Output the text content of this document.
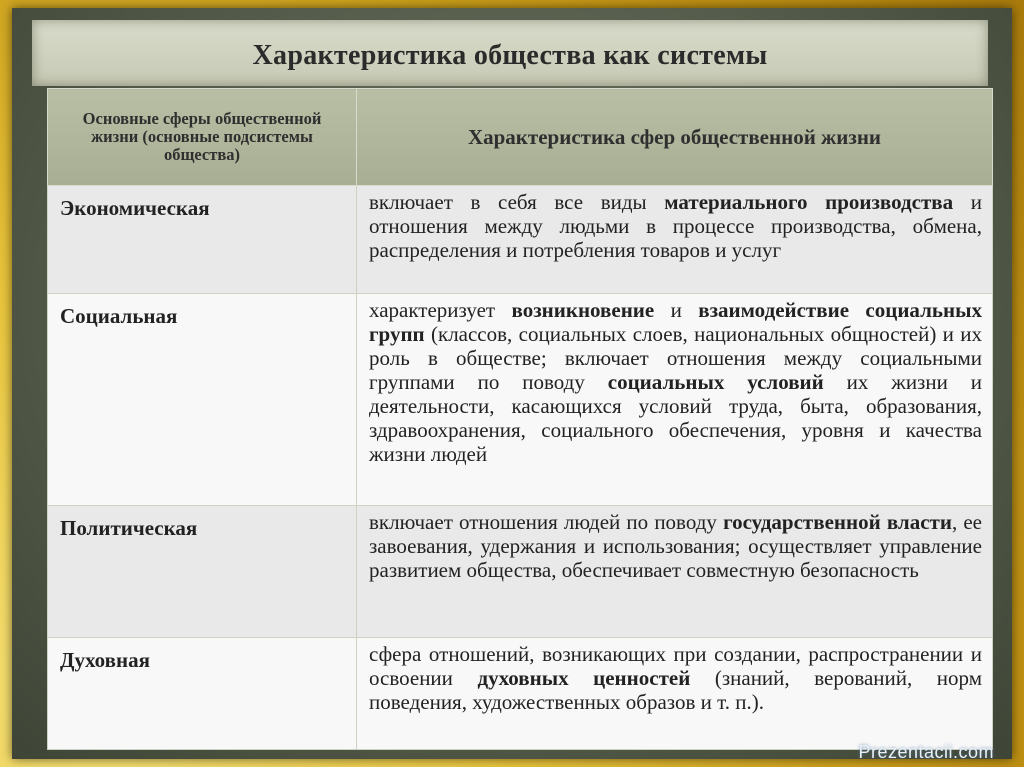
Характеристика общества как системы
Основные сферы общественной жизни (основные подсистемы общества)	Характеристика сфер общественной жизни
Экономическая	включает в себя все виды материального производства и отношения между людьми в процессе производства, обмена, распределения и потребления товаров и услуг
Социальная	характеризует возникновение и взаимодействие социальных групп (классов, социальных слоев, национальных общностей) и их роль в обществе; включает отношения между социальными группами по поводу социальных условий их жизни и деятельности, касающихся условий труда, быта, образования, здравоохранения, социального обеспечения, уровня и качества жизни людей
Политическая	включает отношения людей по поводу государственной власти, ее завоевания, удержания и использования; осуществляет управление развитием общества, обеспечивает совместную безопасность
Духовная	сфера отношений, возникающих при создании, распространении и освоении духовных ценностей (знаний, верований, норм поведения, художественных образов и т. п.).
Prezentacii.com
